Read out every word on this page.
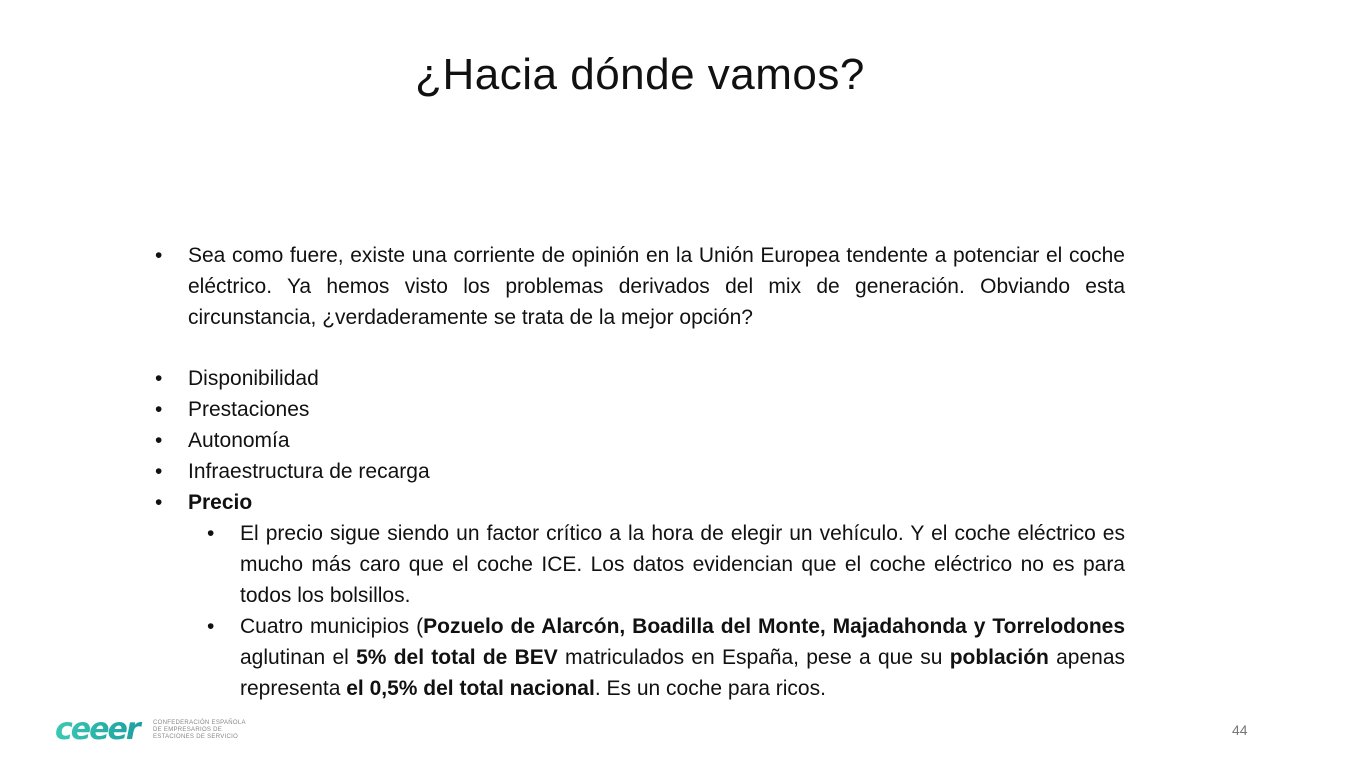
¿Hacia dónde vamos?
• Sea como fuere, existe una corriente de opinión en la Unión Europea tendente a potenciar el coche eléctrico. Ya hemos visto los problemas derivados del mix de generación. Obviando esta circunstancia, ¿verdaderamente se trata de la mejor opción?
• Disponibilidad
• Prestaciones
• Autonomía
• Infraestructura de recarga
• Precio
• El precio sigue siendo un factor crítico a la hora de elegir un vehículo. Y el coche eléctrico es mucho más caro que el coche ICE. Los datos evidencian que el coche eléctrico no es para todos los bolsillos.
• Cuatro municipios (Pozuelo de Alarcón, Boadilla del Monte, Majadahonda y Torrelodones aglutinan el 5% del total de BEV matriculados en España, pese a que su población apenas representa el 0,5% del total nacional. Es un coche para ricos.
ceeer	CONFEDERACIÓN ESPAÑOLA
DE EMPRESARIOS DE
ESTACIONES DE SERVICIO	44
